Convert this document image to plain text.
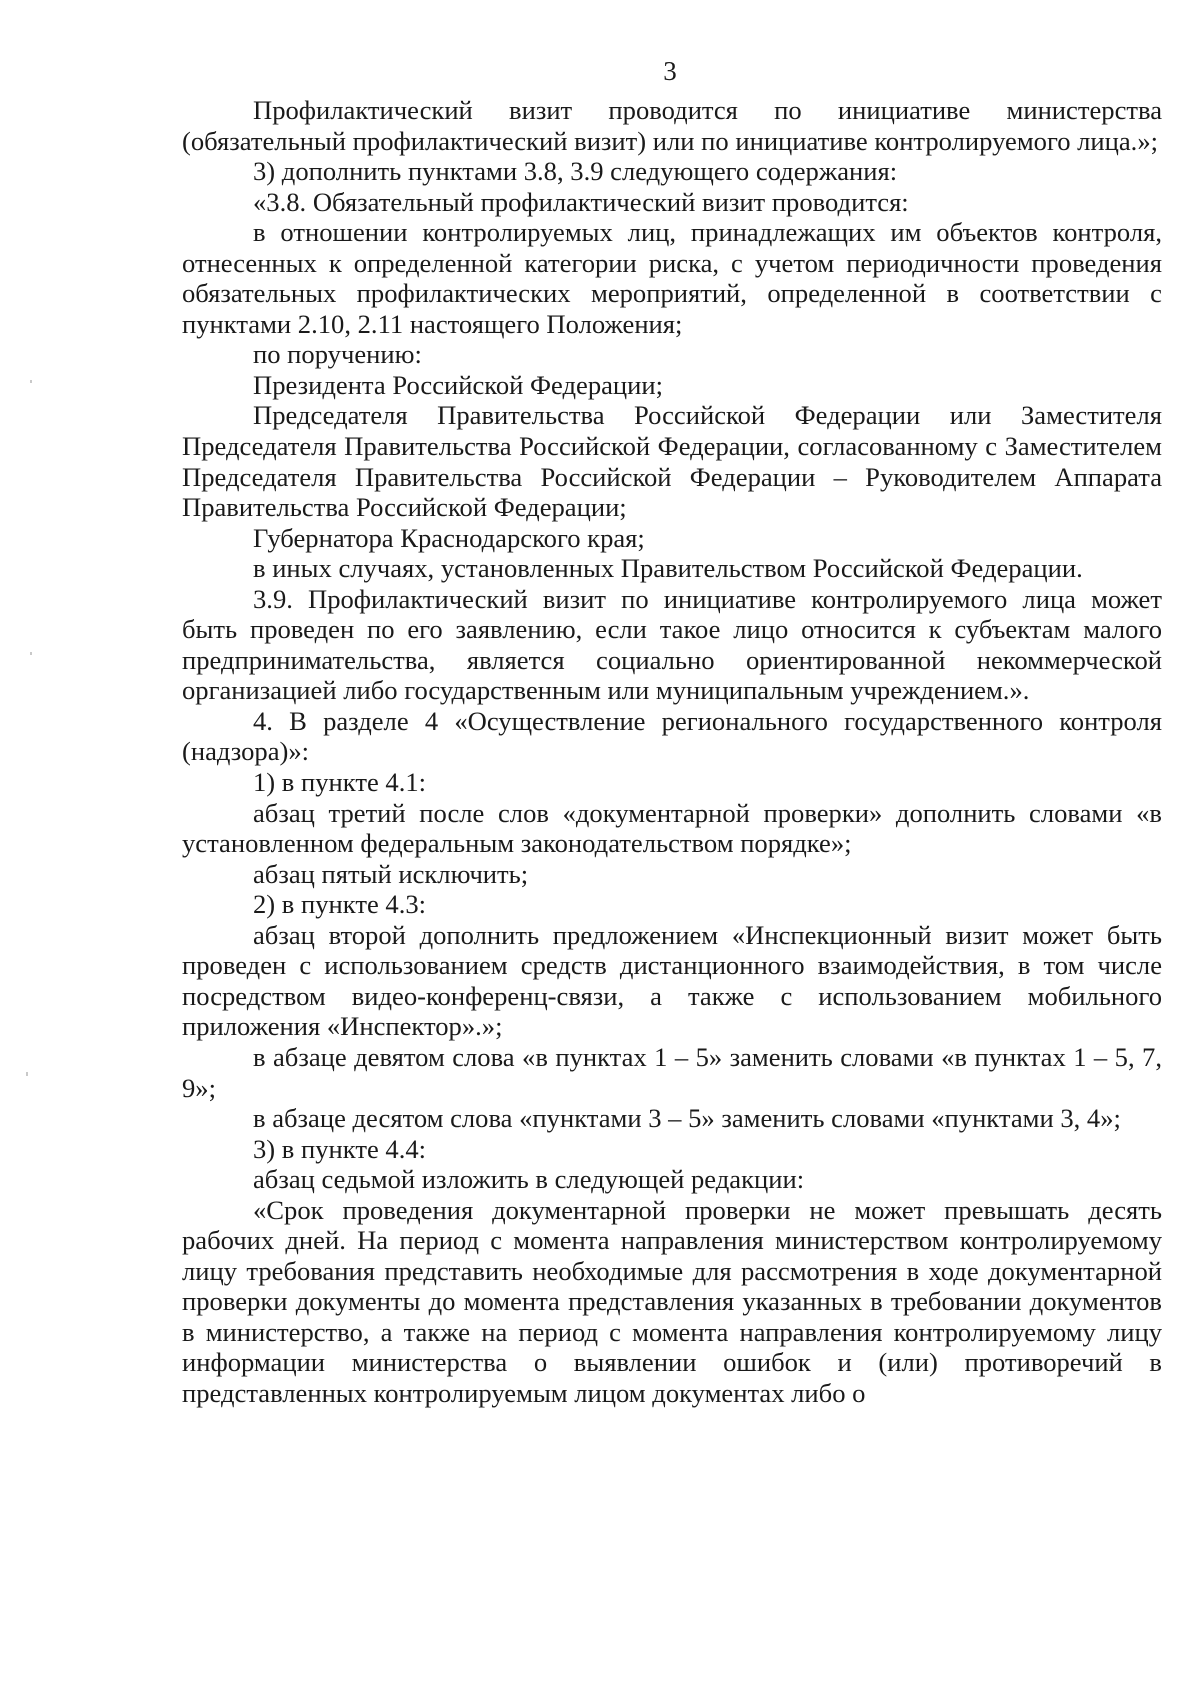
3

Профилактический визит проводится по инициативе министерства (обязательный профилактический визит) или по инициативе контролируемого лица.»;

3) дополнить пунктами 3.8, 3.9 следующего содержания:

«3.8. Обязательный профилактический визит проводится:

в отношении контролируемых лиц, принадлежащих им объектов контроля, отнесенных к определенной категории риска, с учетом периодичности проведения обязательных профилактических мероприятий, определенной в соответствии с пунктами 2.10, 2.11 настоящего Положения;

по поручению:

Президента Российской Федерации;

Председателя Правительства Российской Федерации или Заместителя Председателя Правительства Российской Федерации, согласованному с Заместителем Председателя Правительства Российской Федерации – Руководителем Аппарата Правительства Российской Федерации;

Губернатора Краснодарского края;

в иных случаях, установленных Правительством Российской Федерации.

3.9. Профилактический визит по инициативе контролируемого лица может быть проведен по его заявлению, если такое лицо относится к субъектам малого предпринимательства, является социально ориентированной некоммерческой организацией либо государственным или муниципальным учреждением.».

4. В разделе 4 «Осуществление регионального государственного контроля (надзора)»:

1) в пункте 4.1:

абзац третий после слов «документарной проверки» дополнить словами «в установленном федеральным законодательством порядке»;

абзац пятый исключить;

2) в пункте 4.3:

абзац второй дополнить предложением «Инспекционный визит может быть проведен с использованием средств дистанционного взаимодействия, в том числе посредством видео-конференц-связи, а также с использованием мобильного приложения «Инспектор».»;

в абзаце девятом слова «в пунктах 1 – 5» заменить словами «в пунктах 1 – 5, 7, 9»;

в абзаце десятом слова «пунктами 3 – 5» заменить словами «пунктами 3, 4»;

3) в пункте 4.4:

абзац седьмой изложить в следующей редакции:

«Срок проведения документарной проверки не может превышать десять рабочих дней. На период с момента направления министерством контролируемому лицу требования представить необходимые для рассмотрения в ходе документарной проверки документы до момента представления указанных в требовании документов в министерство, а также на период с момента направления контролируемому лицу информации министерства о выявлении ошибок и (или) противоречий в представленных контролируемым лицом документах либо о
